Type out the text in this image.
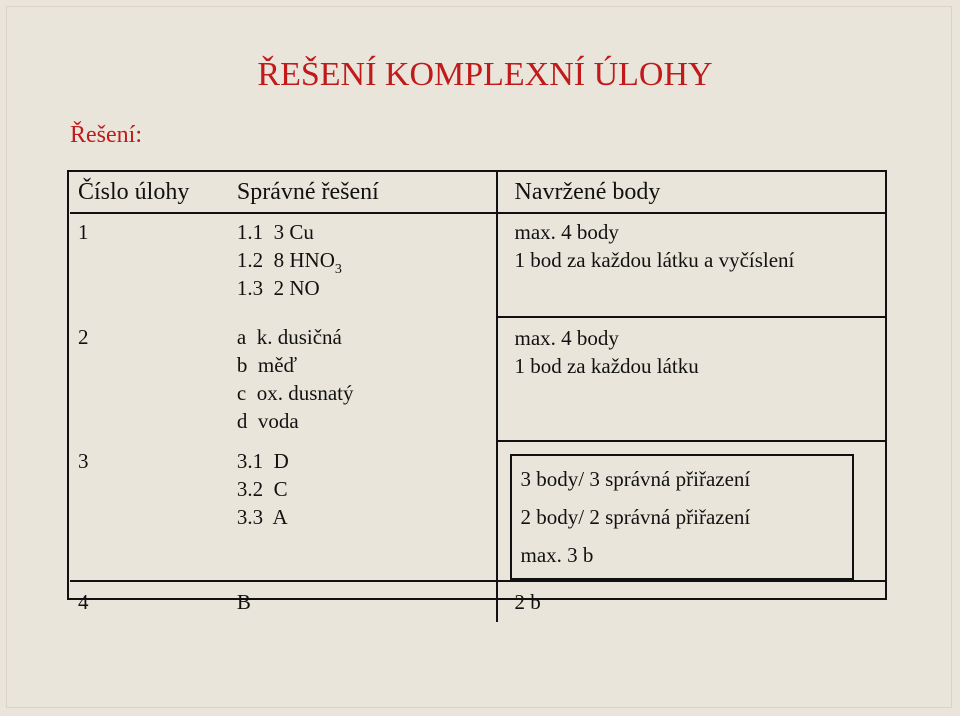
ŘEŠENÍ KOMPLEXNÍ ÚLOHY
Řešení:
Číslo úlohy	Správné řešení	Navržené body
1	1.1 3 Cu
1.2 8 $HNO_3$
1.3 2 NO	max. 4 body
1 bod za každou látku a vyčíslení

2	a k. dusičná
b měď
c ox. dusnatý
d voda	max. 4 body
1 bod za každou látku

3	3.1 D
3.2 C
3.3 A	3 body/ 3 správná přiřazení
2 body/ 2 správná přiřazení
max. 3 b

4	B	2 b
